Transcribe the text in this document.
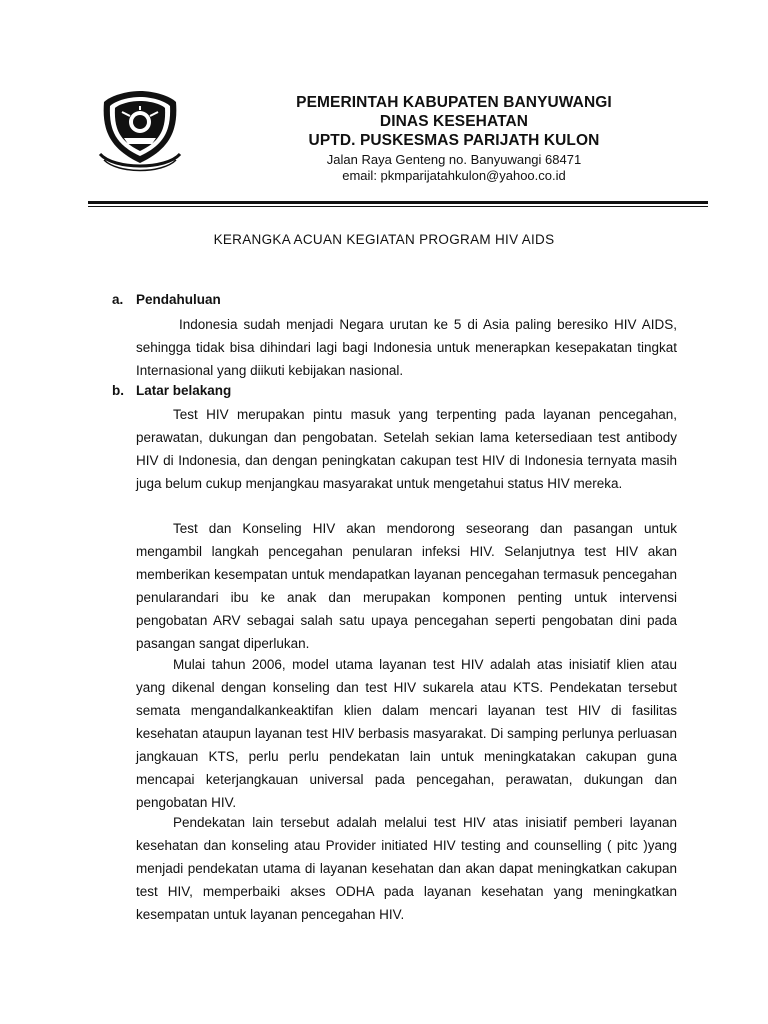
PEMERINTAH KABUPATEN BANYUWANGI
DINAS KESEHATAN
UPTD. PUSKESMAS PARIJATH KULON
Jalan Raya Genteng no. Banyuwangi 68471
email: pkmparijatahkulon@yahoo.co.id
KERANGKA ACUAN KEGIATAN PROGRAM HIV AIDS
a. Pendahuluan

Indonesia sudah menjadi Negara urutan ke 5 di Asia paling beresiko HIV AIDS, sehingga tidak bisa dihindari lagi bagi Indonesia untuk menerapkan kesepakatan tingkat Internasional yang diikuti kebijakan nasional.

b. Latar belakang

Test HIV merupakan pintu masuk yang terpenting pada layanan pencegahan, perawatan, dukungan dan pengobatan. Setelah sekian lama ketersediaan test antibody HIV di Indonesia, dan dengan peningkatan cakupan test HIV di Indonesia ternyata masih juga belum cukup menjangkau masyarakat untuk mengetahui status HIV mereka.

Test dan Konseling HIV akan mendorong seseorang dan pasangan untuk mengambil langkah pencegahan penularan infeksi HIV. Selanjutnya test HIV akan memberikan kesempatan untuk mendapatkan layanan pencegahan termasuk pencegahan penularandari ibu ke anak dan merupakan komponen penting untuk intervensi pengobatan ARV sebagai salah satu upaya pencegahan seperti pengobatan dini pada pasangan sangat diperlukan.

Mulai tahun 2006, model utama layanan test HIV adalah atas inisiatif klien atau yang dikenal dengan konseling dan test HIV sukarela atau KTS. Pendekatan tersebut semata mengandalkankeaktifan klien dalam mencari layanan test HIV di fasilitas kesehatan ataupun layanan test HIV berbasis masyarakat. Di samping perlunya perluasan jangkauan KTS, perlu perlu pendekatan lain untuk meningkatakan cakupan guna mencapai keterjangkauan universal pada pencegahan, perawatan, dukungan dan pengobatan HIV.

Pendekatan lain tersebut adalah melalui test HIV atas inisiatif pemberi layanan kesehatan dan konseling atau Provider initiated HIV testing and counselling ( pitc )yang menjadi pendekatan utama di layanan kesehatan dan akan dapat meningkatkan cakupan test HIV, memperbaiki akses ODHA pada layanan kesehatan yang meningkatkan kesempatan untuk layanan pencegahan HIV.
